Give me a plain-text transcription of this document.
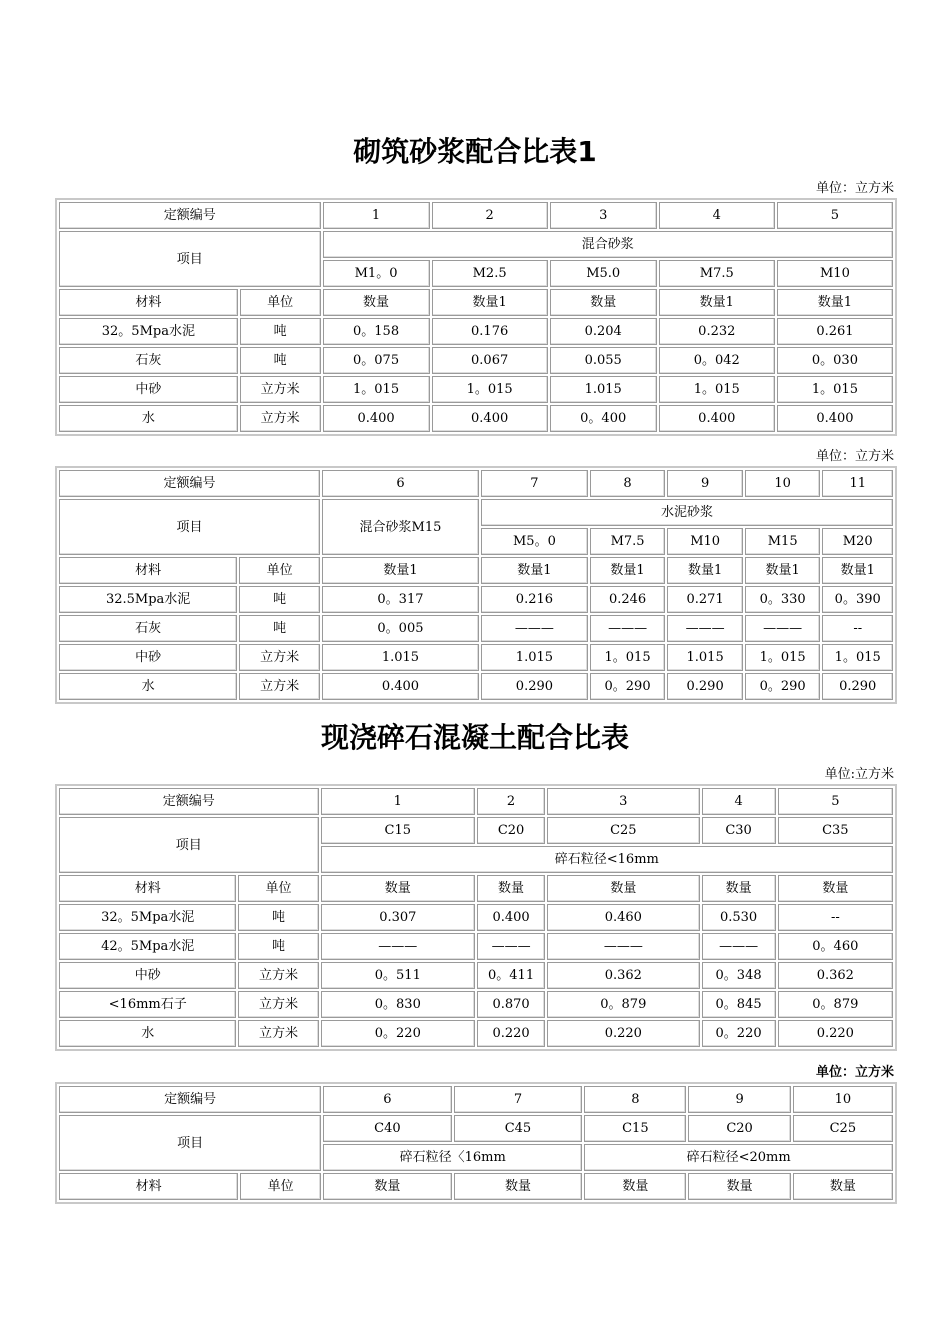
砌筑砂浆配合比表1
单位：立方米
定额编号		1	2	3	4	5
项目		混合砂浆				
		M1。0	M2.5	M5.0	M7.5	M10
材料	单位	数量	数量1	数量	数量1	数量1
32。5Mpa水泥	吨	0。158	0.176	0.204	0.232	0.261
石灰	吨	0。075	0.067	0.055	0。042	0。030
中砂	立方米	1。015	1。015	1.015	1。015	1。015
水	立方米	0.400	0.400	0。400	0.400	0.400
单位：立方米
定额编号		6	7	8	9	10	11
项目		混合砂浆M15	水泥砂浆				
			M5。0	M7.5	M10	M15	M20
材料	单位	数量1	数量1	数量1	数量1	数量1	数量1
32.5Mpa水泥	吨	0。317	0.216	0.246	0.271	0。330	0。390
石灰	吨	0。005	———	———	———	———	--
中砂	立方米	1.015	1.015	1。015	1.015	1。015	1。015
水	立方米	0.400	0.290	0。290	0.290	0。290	0.290
现浇碎石混凝土配合比表
单位:立方米
定额编号		1	2	3	4	5
项目		C15	C20	C25	C30	C35
		碎石粒径<16mm				
材料	单位	数量	数量	数量	数量	数量
32。5Mpa水泥	吨	0.307	0.400	0.460	0.530	--
42。5Mpa水泥	吨	———	———	———	———	0。460
中砂	立方米	0。511	0。411	0.362	0。348	0.362
<16mm石子	立方米	0。830	0.870	0。879	0。845	0。879
水	立方米	0。220	0.220	0.220	0。220	0.220
单位：立方米
定额编号		6	7	8	9	10
项目		C40	C45	C15	C20	C25
		碎石粒径〈16mm		碎石粒径<20mm		
材料	单位	数量	数量	数量	数量	数量
